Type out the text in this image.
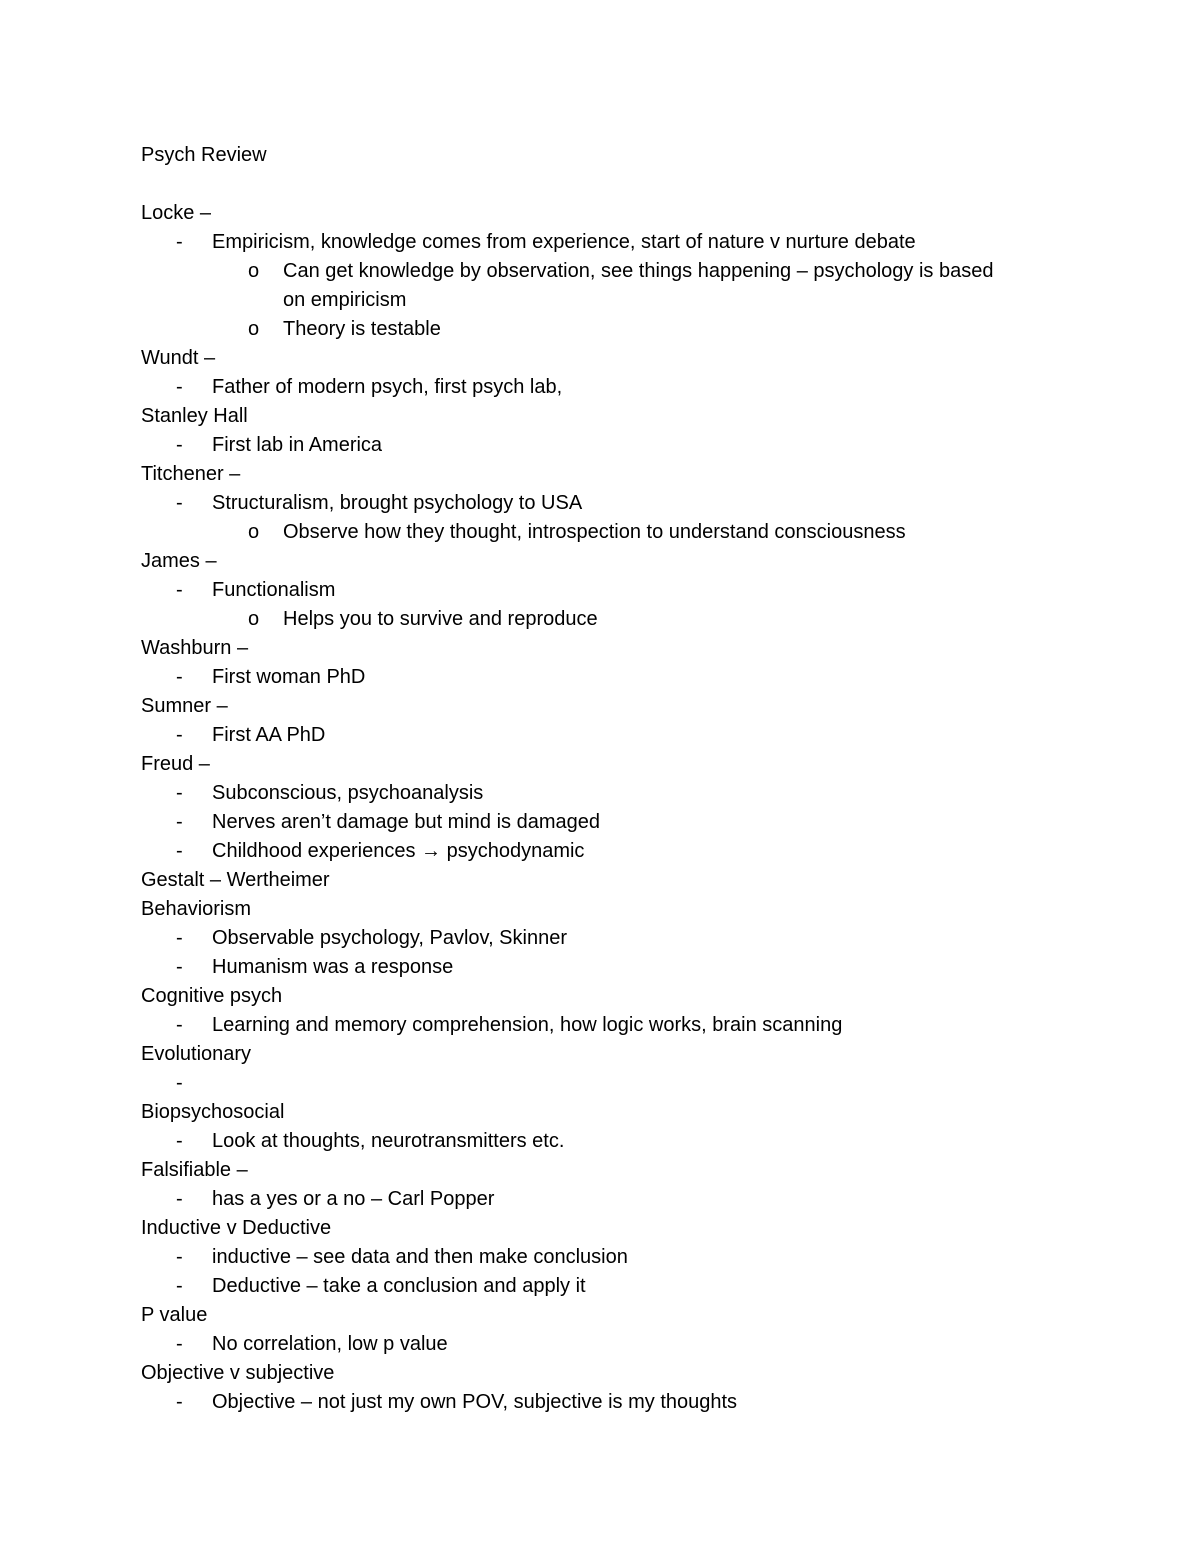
Psych Review
Locke –
- Empiricism, knowledge comes from experience, start of nature v nurture debate
o Can get knowledge by observation, see things happening – psychology is based
on empiricism
o Theory is testable
Wundt –
- Father of modern psych, first psych lab,
Stanley Hall
- First lab in America
Titchener –
- Structuralism, brought psychology to USA
o Observe how they thought, introspection to understand consciousness
James –
- Functionalism
o Helps you to survive and reproduce
Washburn –
- First woman PhD
Sumner –
- First AA PhD
Freud –
- Subconscious, psychoanalysis
- Nerves aren’t damage but mind is damaged
- Childhood experiences → psychodynamic
Gestalt – Wertheimer
Behaviorism
- Observable psychology, Pavlov, Skinner
- Humanism was a response
Cognitive psych
- Learning and memory comprehension, how logic works, brain scanning
Evolutionary
-
Biopsychosocial
- Look at thoughts, neurotransmitters etc.
Falsifiable –
- has a yes or a no – Carl Popper
Inductive v Deductive
- inductive – see data and then make conclusion
- Deductive – take a conclusion and apply it
P value
- No correlation, low p value
Objective v subjective
- Objective – not just my own POV, subjective is my thoughts
